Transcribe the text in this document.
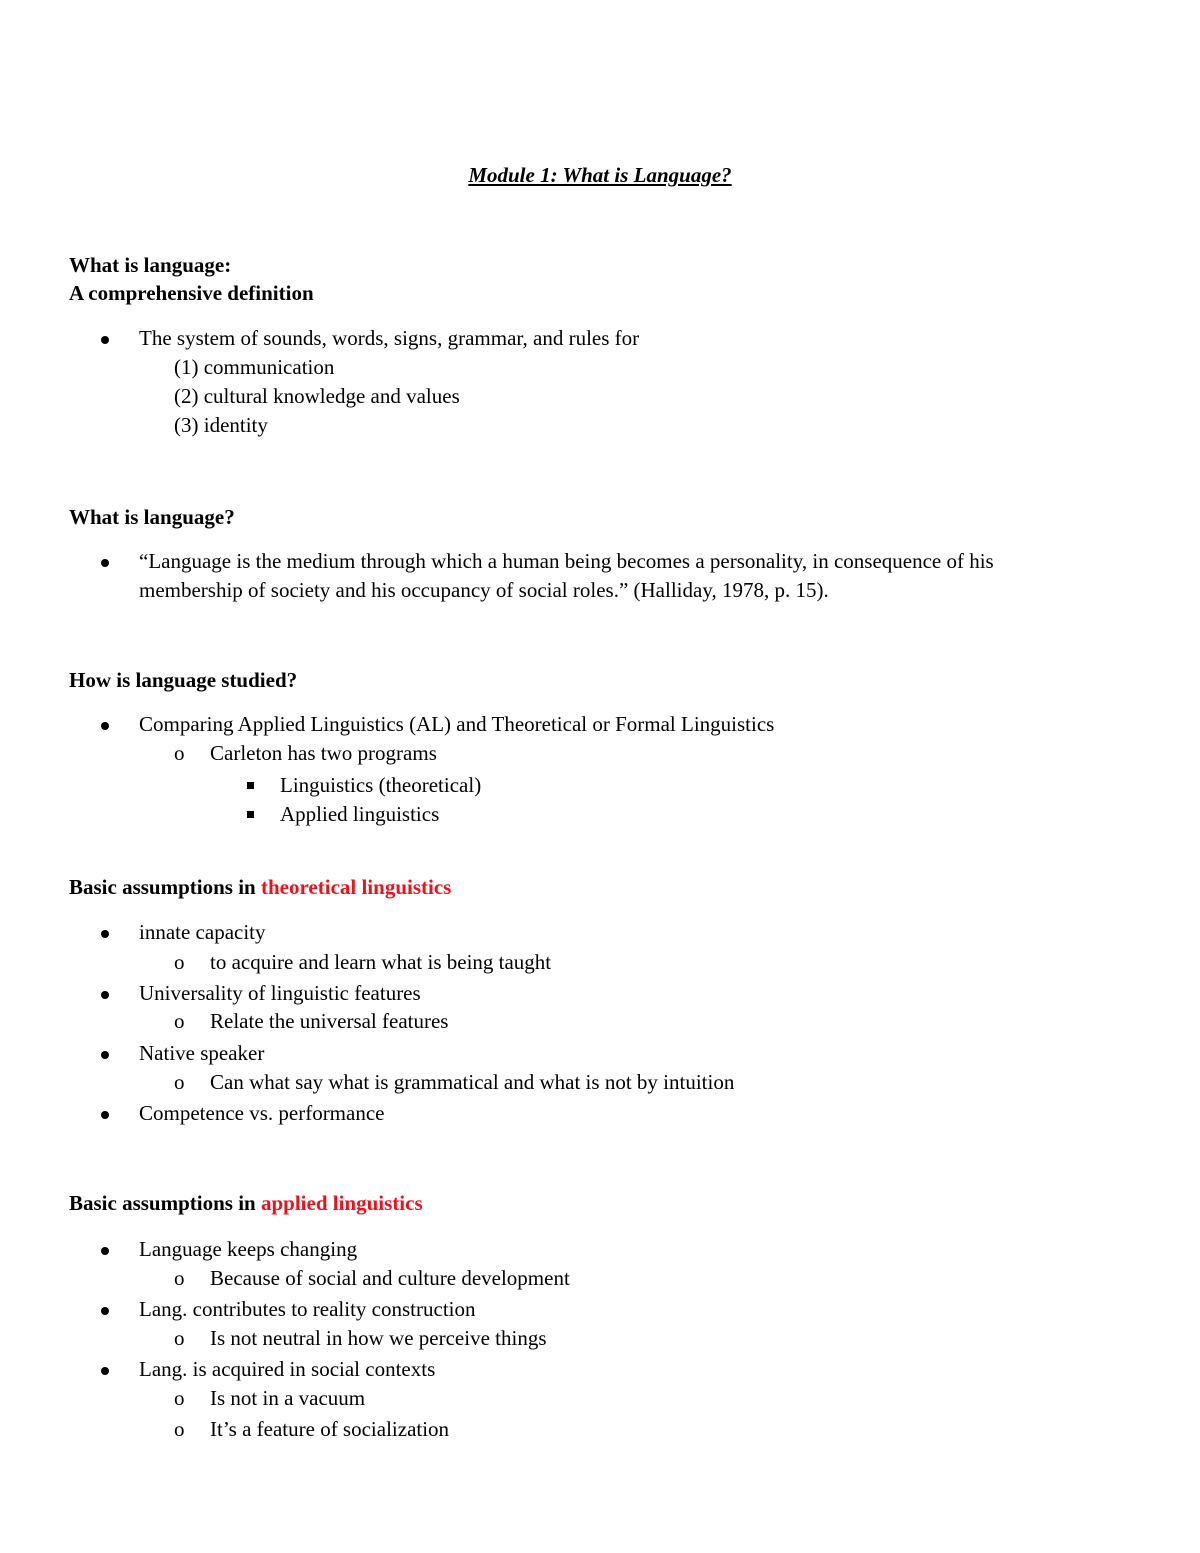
Module 1: What is Language?
What is language:
A comprehensive definition
The system of sounds, words, signs, grammar, and rules for
(1) communication
(2) cultural knowledge and values
(3) identity
What is language?
“Language is the medium through which a human being becomes a personality, in consequence of his
membership of society and his occupancy of social roles.” (Halliday, 1978, p. 15).
How is language studied?
Comparing Applied Linguistics (AL) and Theoretical or Formal Linguistics
o Carleton has two programs
Linguistics (theoretical)
Applied linguistics
Basic assumptions in theoretical linguistics
innate capacity
o to acquire and learn what is being taught
Universality of linguistic features
o Relate the universal features
Native speaker
o Can what say what is grammatical and what is not by intuition
Competence vs. performance
Basic assumptions in applied linguistics
Language keeps changing
o Because of social and culture development
Lang. contributes to reality construction
o Is not neutral in how we perceive things
Lang. is acquired in social contexts
o Is not in a vacuum
o It’s a feature of socialization
